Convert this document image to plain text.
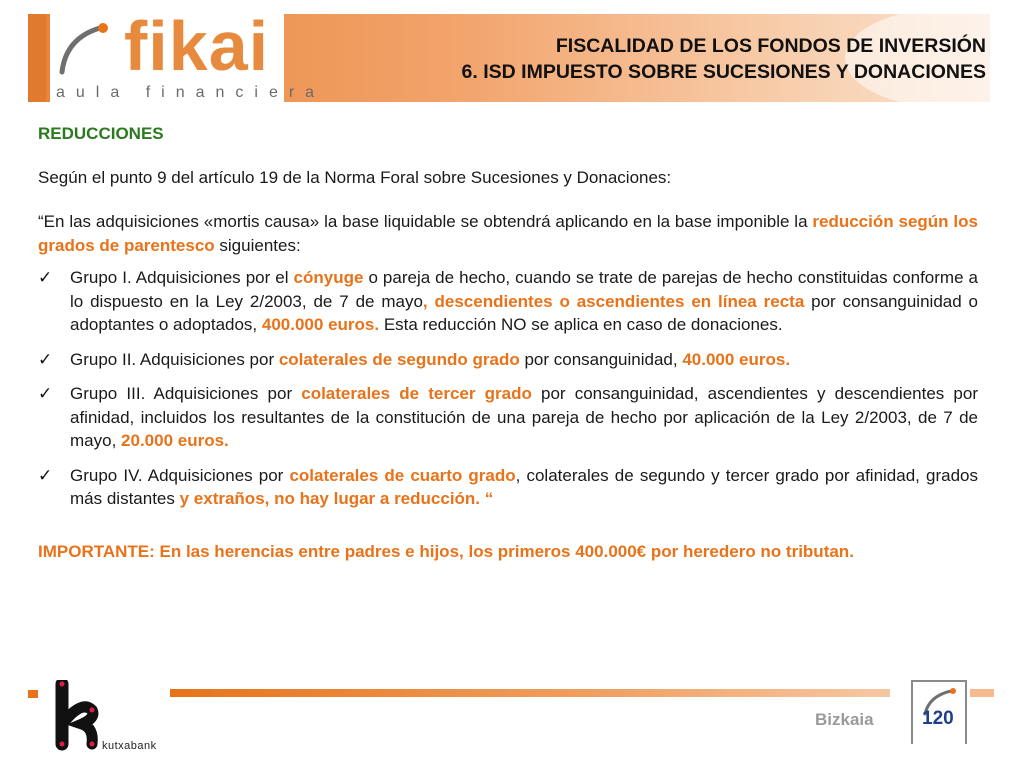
fikai
aula financiera
FISCALIDAD DE LOS FONDOS DE INVERSIÓN
6. ISD IMPUESTO SOBRE SUCESIONES Y DONACIONES
REDUCCIONES

Según el punto 9 del artículo 19 de la Norma Foral sobre Sucesiones y Donaciones:

“En las adquisiciones «mortis causa» la base liquidable se obtendrá aplicando en la base imponible la reducción según los grados de parentesco siguientes:

✓ Grupo I. Adquisiciones por el cónyuge o pareja de hecho, cuando se trate de parejas de hecho constituidas conforme a lo dispuesto en la Ley 2/2003, de 7 de mayo, descendientes o ascendientes en línea recta por consanguinidad o adoptantes o adoptados, 400.000 euros. Esta reducción NO se aplica en caso de donaciones.
✓ Grupo II. Adquisiciones por colaterales de segundo grado por consanguinidad, 40.000 euros.
✓ Grupo III. Adquisiciones por colaterales de tercer grado por consanguinidad, ascendientes y descendientes por afinidad, incluidos los resultantes de la constitución de una pareja de hecho por aplicación de la Ley 2/2003, de 7 de mayo, 20.000 euros.
✓ Grupo IV. Adquisiciones por colaterales de cuarto grado, colaterales de segundo y tercer grado por afinidad, grados más distantes y extraños, no hay lugar a reducción. “
IMPORTANTE: En las herencias entre padres e hijos, los primeros 400.000€ por heredero no tributan.
kutxabank
Bizkaia	120
